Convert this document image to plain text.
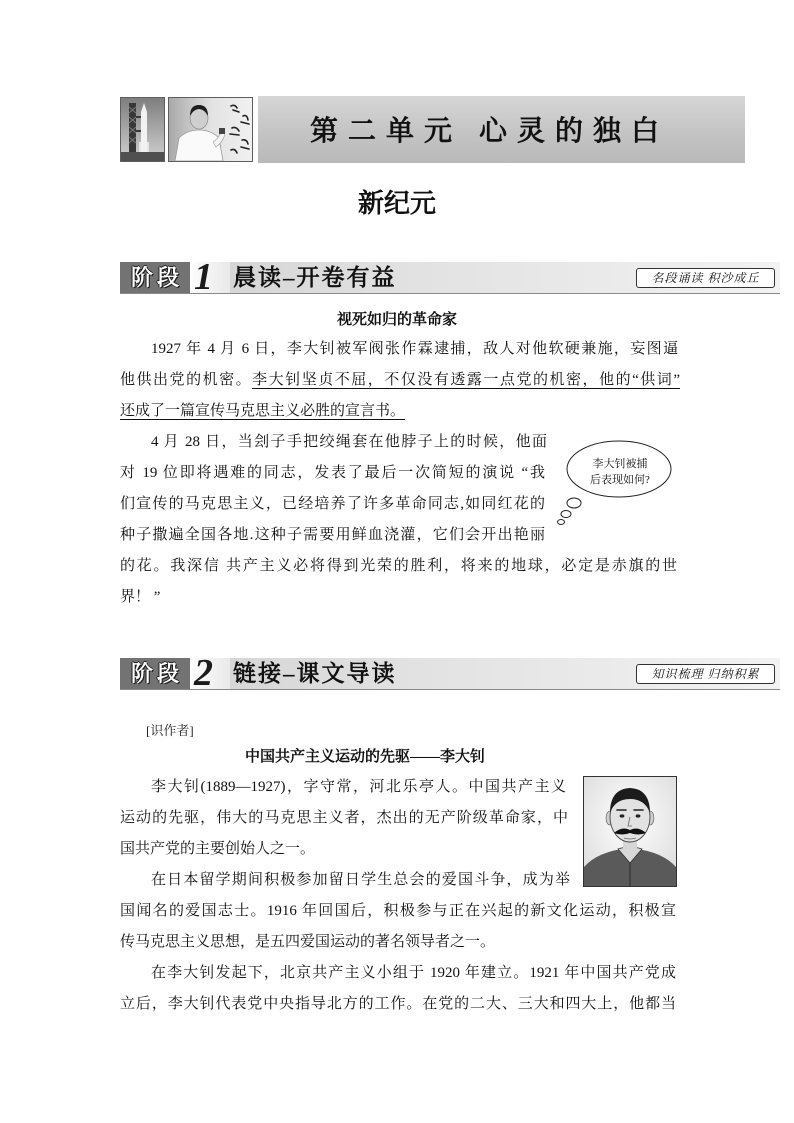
第二单元 心灵的独白
新纪元
阶段 1 晨读–开卷有益	名段诵读 积沙成丘
视死如归的革命家
1927 年 4 月 6 日，李大钊被军阀张作霖逮捕，敌人对他软硬兼施，妄图逼
他供出党的机密。李大钊坚贞不屈，不仅没有透露一点党的机密，他的“供词”
还成了一篇宣传马克思主义必胜的宣言书。
4 月 28 日，当刽子手把绞绳套在他脖子上的时候，他面
对 19 位即将遇难的同志，发表了最后一次简短的演说 “我
们宣传的马克思主义，已经培养了许多革命同志,如同红花的
种子撒遍全国各地.这种子需要用鲜血浇灌，它们会开出艳丽
的花。我深信 共产主义必将得到光荣的胜利，将来的地球，必定是赤旗的世
界！ ”
李大钊被捕
后表现如何?
阶段 2 链接–课文导读	知识梳理 归纳积累
[识作者]
中国共产主义运动的先驱——李大钊
李大钊(1889—1927)，字守常，河北乐亭人。中国共产主义
运动的先驱，伟大的马克思主义者，杰出的无产阶级革命家，中
国共产党的主要创始人之一。
在日本留学期间积极参加留日学生总会的爱国斗争，成为举
国闻名的爱国志士。1916 年回国后，积极参与正在兴起的新文化运动，积极宣
传马克思主义思想，是五四爱国运动的著名领导者之一。
在李大钊发起下，北京共产主义小组于 1920 年建立。1921 年中国共产党成
立后，李大钊代表党中央指导北方的工作。在党的二大、三大和四大上，他都当
